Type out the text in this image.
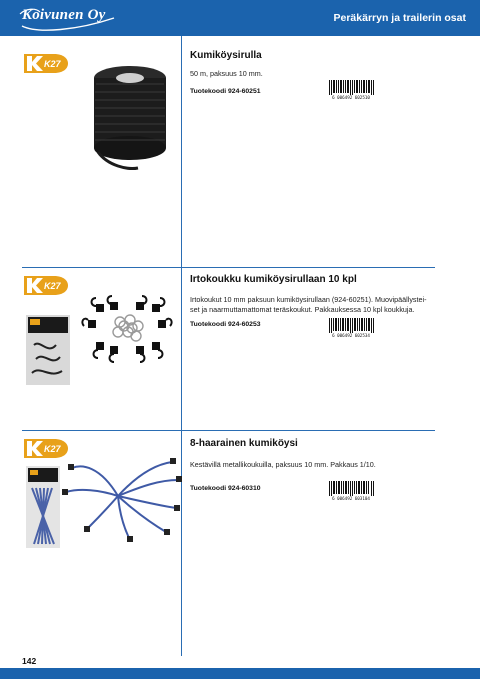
Koivunen Oy	Peräkärryn ja trailerin osat
K27
Kumiköysirulla
50 m, paksuus 10 mm.
Tuotekoodi 924-60251
6 006492 602510
K27
Irtokoukku kumiköysirullaan 10 kpl
Irtokoukut 10 mm paksuun kumiköysirullaan (924-60251). Muovipäällystei-
set ja naarmuttamattomat teräskoukut. Pakkauksessa 10 kpl koukkuja.
Tuotekoodi 924-60253
6 006492 602534
K27	8-haarainen kumiköysi
Kestävillä metallikoukuilla, paksuus 10 mm. Pakkaus 1/10.
Tuotekoodi 924-60310
6 006492 603104
142
